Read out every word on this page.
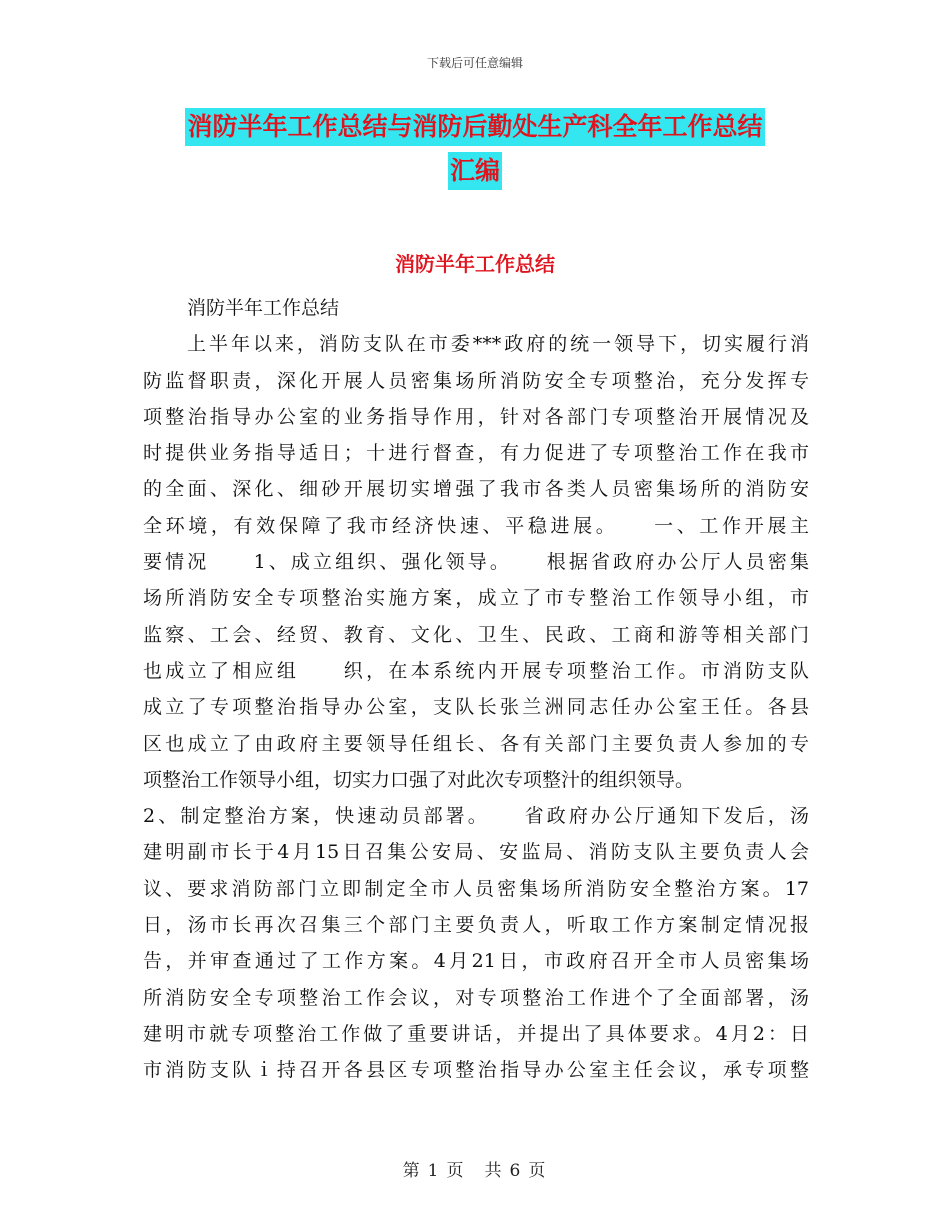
下载后可任意编辑
消防半年工作总结与消防后勤处生产科全年工作总结
汇编
消防半年工作总结
消防半年工作总结
上半年以来，消防支队在市委***政府的统一领导下，切实履行消
防监督职责，深化开展人员密集场所消防安全专项整治，充分发挥专
项整治指导办公室的业务指导作用，针对各部门专项整治开展情况及
时提供业务指导适日；十进行督查，有力促进了专项整治工作在我市
的全面、深化、细砂开展切实增强了我市各类人员密集场所的消防安
全环境，有效保障了我市经济快速、平稳进展。　　一、工作开展主
要情况　　1、成立组织、强化领导。　　根据省政府办公厅人员密集
场所消防安全专项整治实施方案，成立了市专整治工作领导小组，市
监察、工会、经贸、教育、文化、卫生、民政、工商和游等相关部门
也成立了相应组　　织，在本系统内开展专项整治工作。市消防支队
成立了专项整治指导办公室，支队长张兰洲同志任办公室王任。各县
区也成立了由政府主要领导任组长、各有关部门主要负责人参加的专
项整治工作领导小组，切实力口强了对此次专项整汁的组织领导。
2、制定整治方案，快速动员部署。　　省政府办公厅通知下发后，汤
建明副市长于4月15日召集公安局、安监局、消防支队主要负责人会
议、要求消防部门立即制定全市人员密集场所消防安全整治方案。17
日，汤市长再次召集三个部门主要负责人，听取工作方案制定情况报
告，并审查通过了工作方案。4月21日，市政府召开全市人员密集场
所消防安全专项整治工作会议，对专项整治工作进个了全面部署，汤
建明市就专项整治工作做了重要讲话，并提出了具体要求。4月2：日
市消防支队ｉ持召开各县区专项整治指导办公室主任会议，承专项整
第 1 页　共 6 页
